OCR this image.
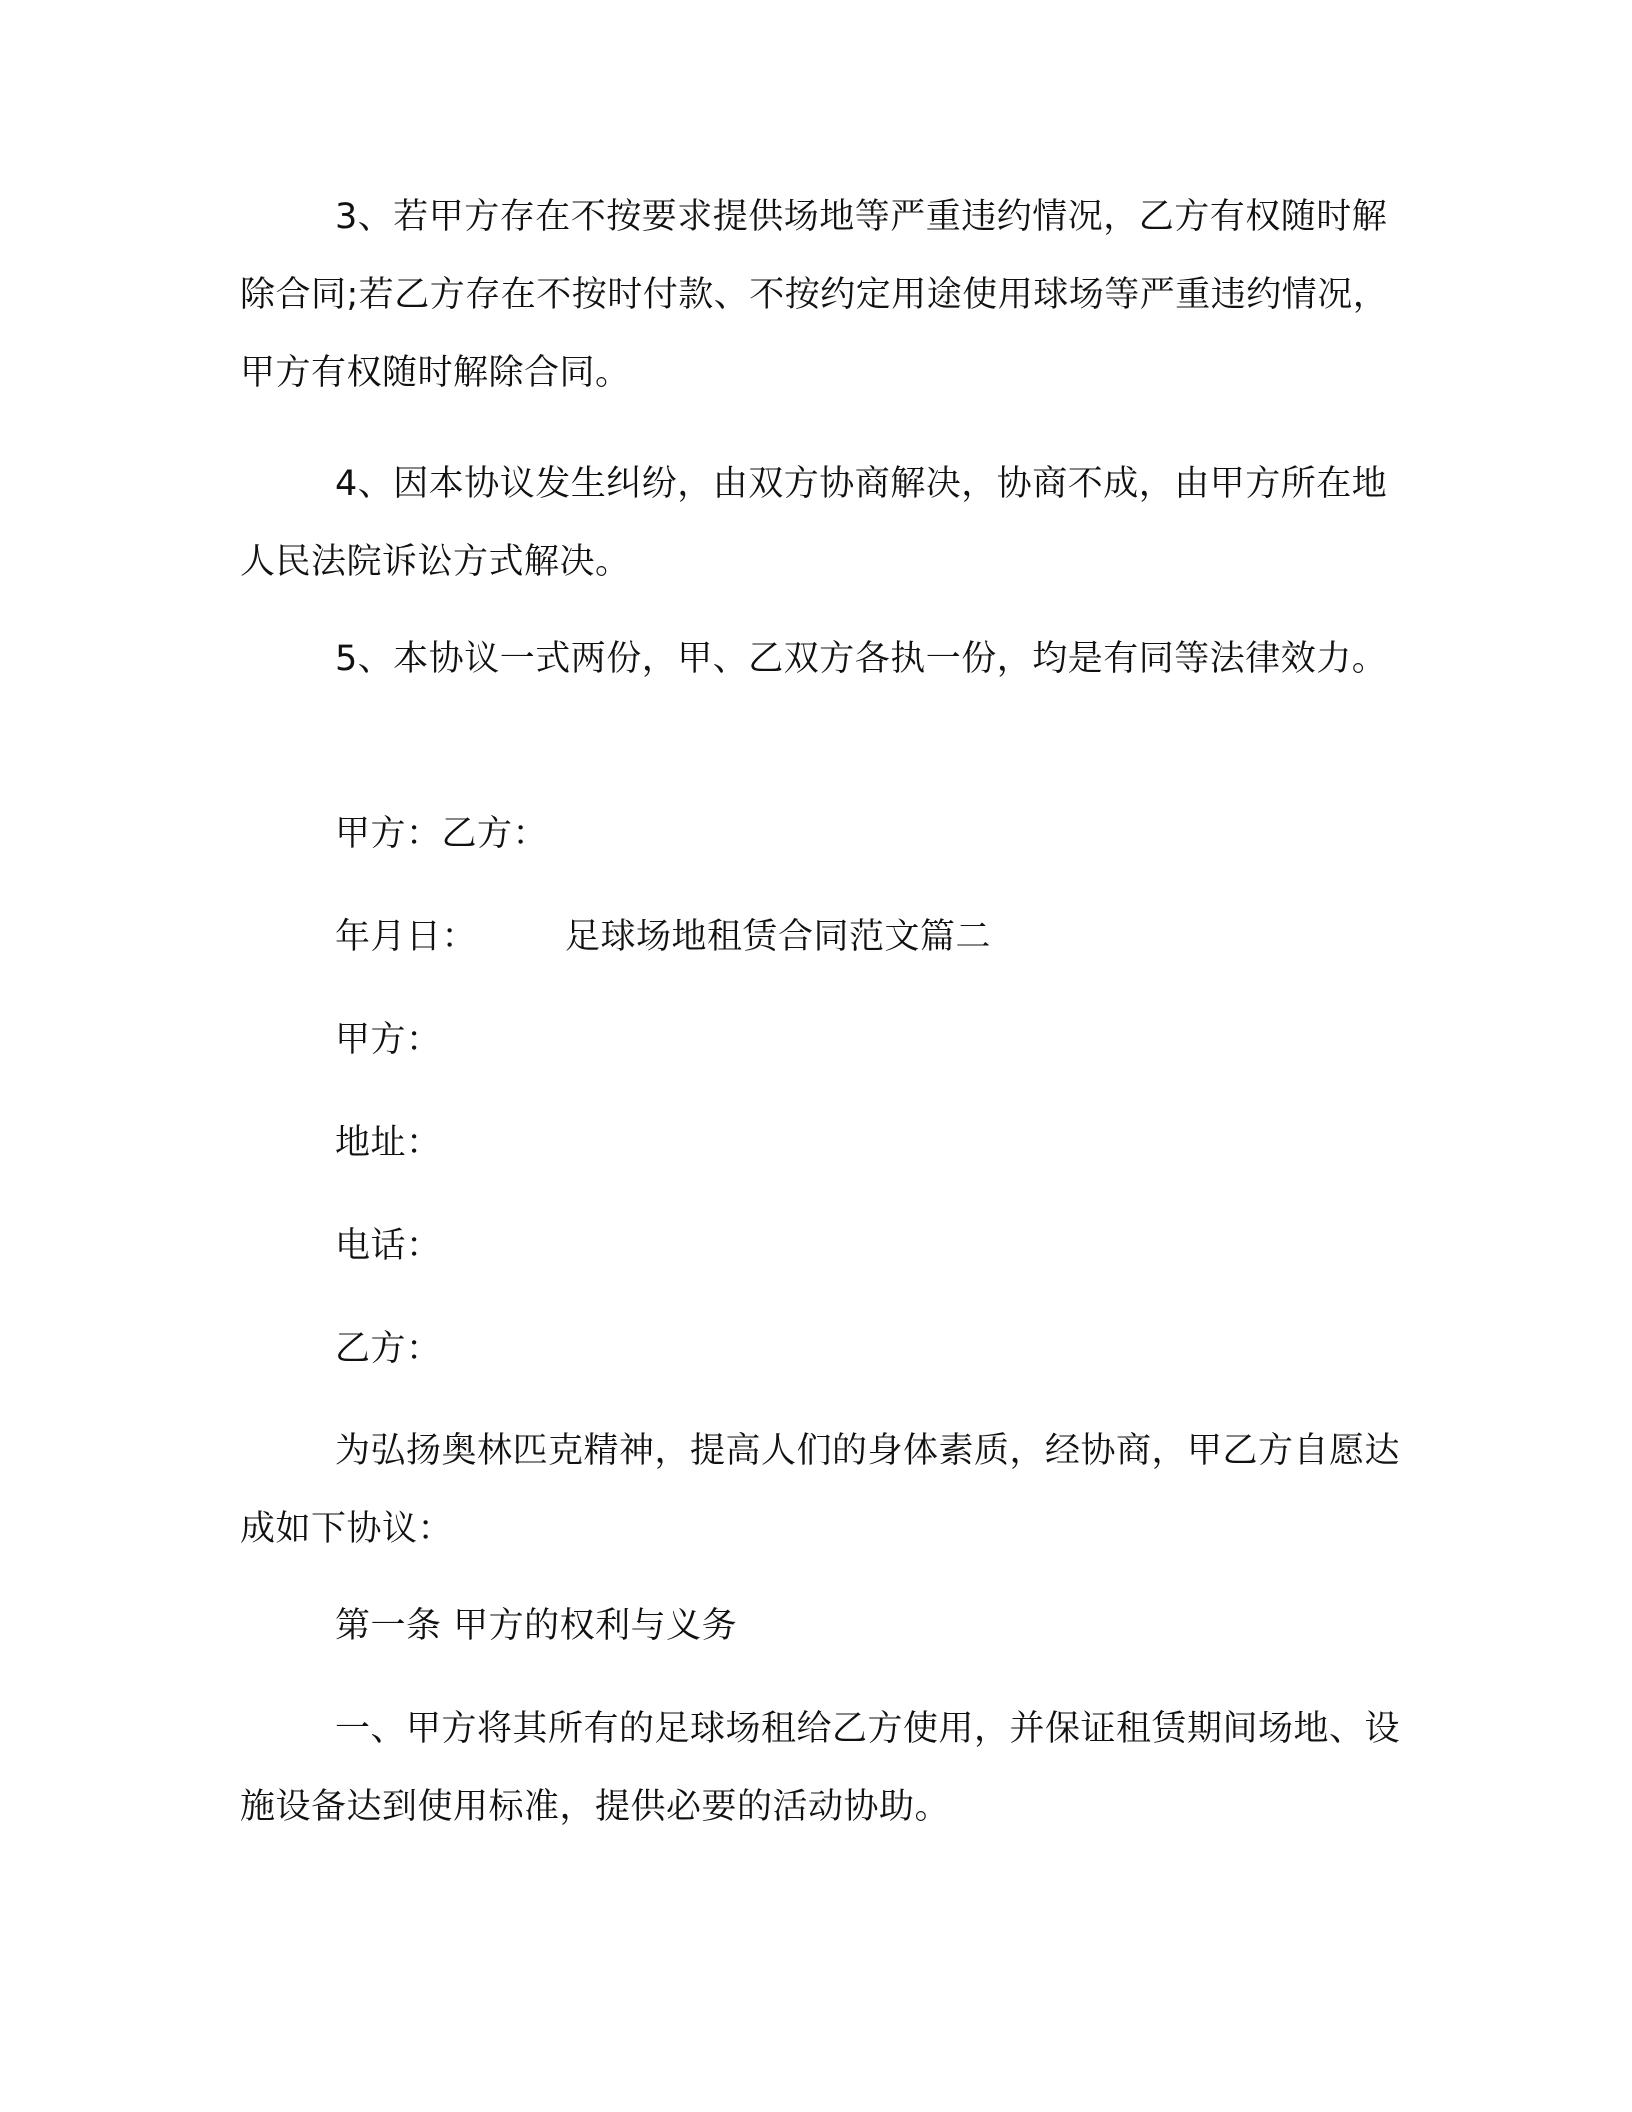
3、若甲方存在不按要求提供场地等严重违约情况，乙方有权随时解除合同;若乙方存在不按时付款、不按约定用途使用球场等严重违约情况，甲方有权随时解除合同。

4、因本协议发生纠纷，由双方协商解决，协商不成，由甲方所在地人民法院诉讼方式解决。

5、本协议一式两份，甲、乙双方各执一份，均是有同等法律效力。

甲方：乙方：

年月日：	足球场地租赁合同范文篇二

甲方：

地址：

电话：

乙方：

为弘扬奥林匹克精神，提高人们的身体素质，经协商，甲乙方自愿达成如下协议：

第一条 甲方的权利与义务

一、甲方将其所有的足球场租给乙方使用，并保证租赁期间场地、设施设备达到使用标准，提供必要的活动协助。
